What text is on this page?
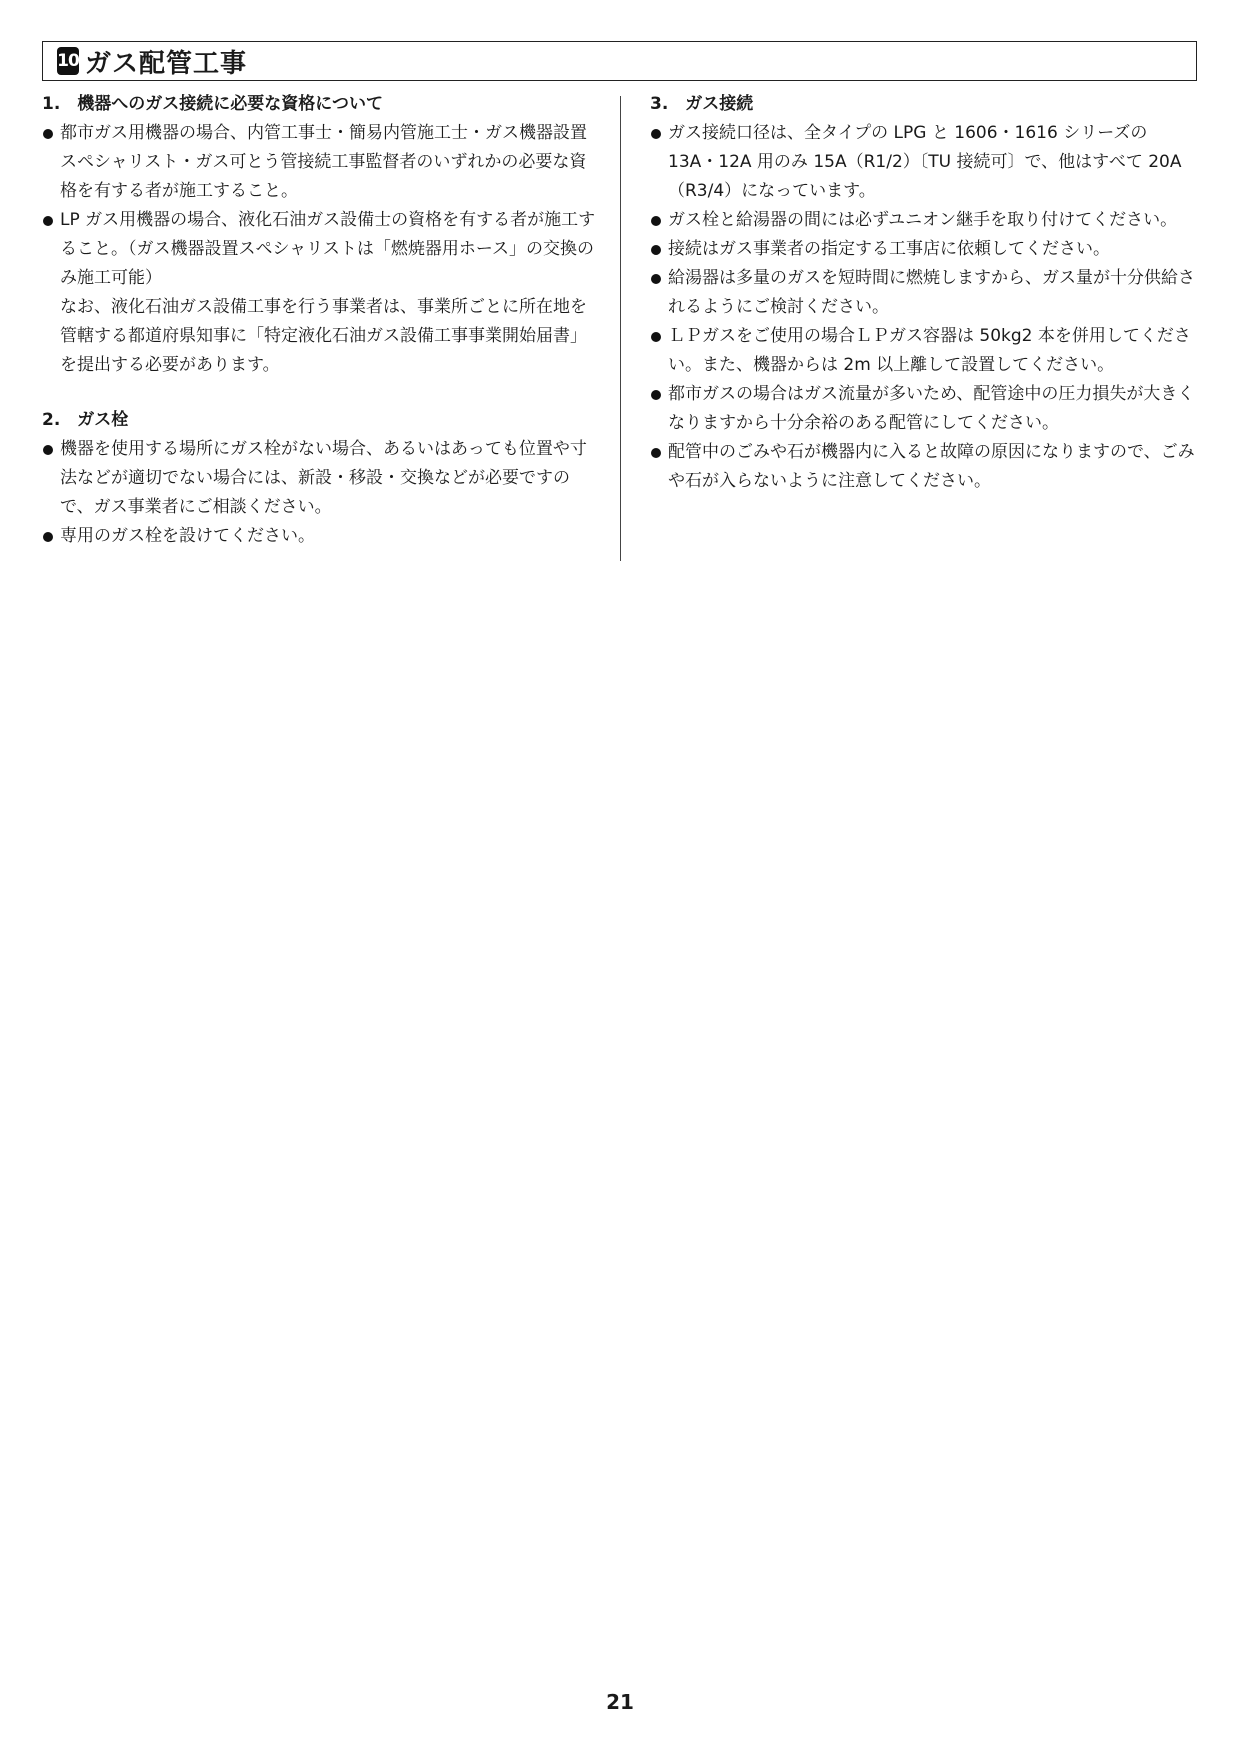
10 ガス配管工事
1.　機器へのガス接続に必要な資格について
都市ガス用機器の場合、内管工事士・簡易内管施工士・ガス機器設置スペシャリスト・ガス可とう管接続工事監督者のいずれかの必要な資格を有する者が施工すること。
LP ガス用機器の場合、液化石油ガス設備士の資格を有する者が施工すること。（ガス機器設置スペシャリストは「燃焼器用ホース」の交換のみ施工可能）

なお、液化石油ガス設備工事を行う事業者は、事業所ごとに所在地を管轄する都道府県知事に「特定液化石油ガス設備工事事業開始届書」を提出する必要があります。

2.　ガス栓
機器を使用する場所にガス栓がない場合、あるいはあっても位置や寸法などが適切でない場合には、新設・移設・交換などが必要ですので、ガス事業者にご相談ください。
専用のガス栓を設けてください。
3.　ガス接続
ガス接続口径は、全タイプの LPG と 1606・1616 シリーズの 13A・12A 用のみ 15A（R1/2）〔TU 接続可〕で、他はすべて 20A（R3/4）になっています。
ガス栓と給湯器の間には必ずユニオン継手を取り付けてください。
接続はガス事業者の指定する工事店に依頼してください。
給湯器は多量のガスを短時間に燃焼しますから、ガス量が十分供給されるようにご検討ください。
ＬＰガスをご使用の場合ＬＰガス容器は 50kg2 本を併用してください。また、機器からは 2m 以上離して設置してください。
都市ガスの場合はガス流量が多いため、配管途中の圧力損失が大きくなりますから十分余裕のある配管にしてください。
配管中のごみや石が機器内に入ると故障の原因になりますので、ごみや石が入らないように注意してください。
21
